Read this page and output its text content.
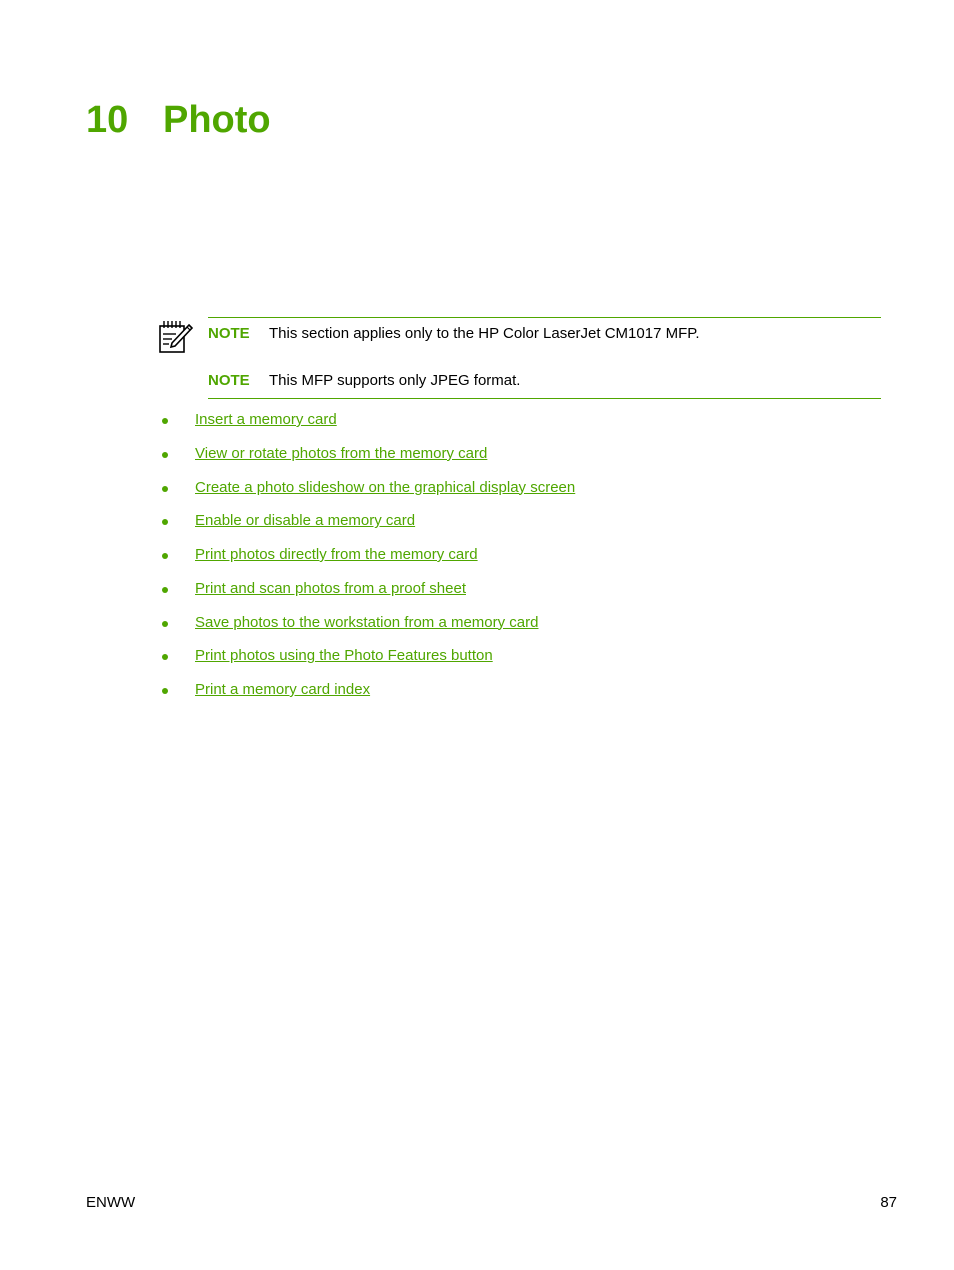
10 Photo
NOTE This section applies only to the HP Color LaserJet CM1017 MFP.
NOTE This MFP supports only JPEG format.
Insert a memory card
View or rotate photos from the memory card
Create a photo slideshow on the graphical display screen
Enable or disable a memory card
Print photos directly from the memory card
Print and scan photos from a proof sheet
Save photos to the workstation from a memory card
Print photos using the Photo Features button
Print a memory card index
ENWW	87
